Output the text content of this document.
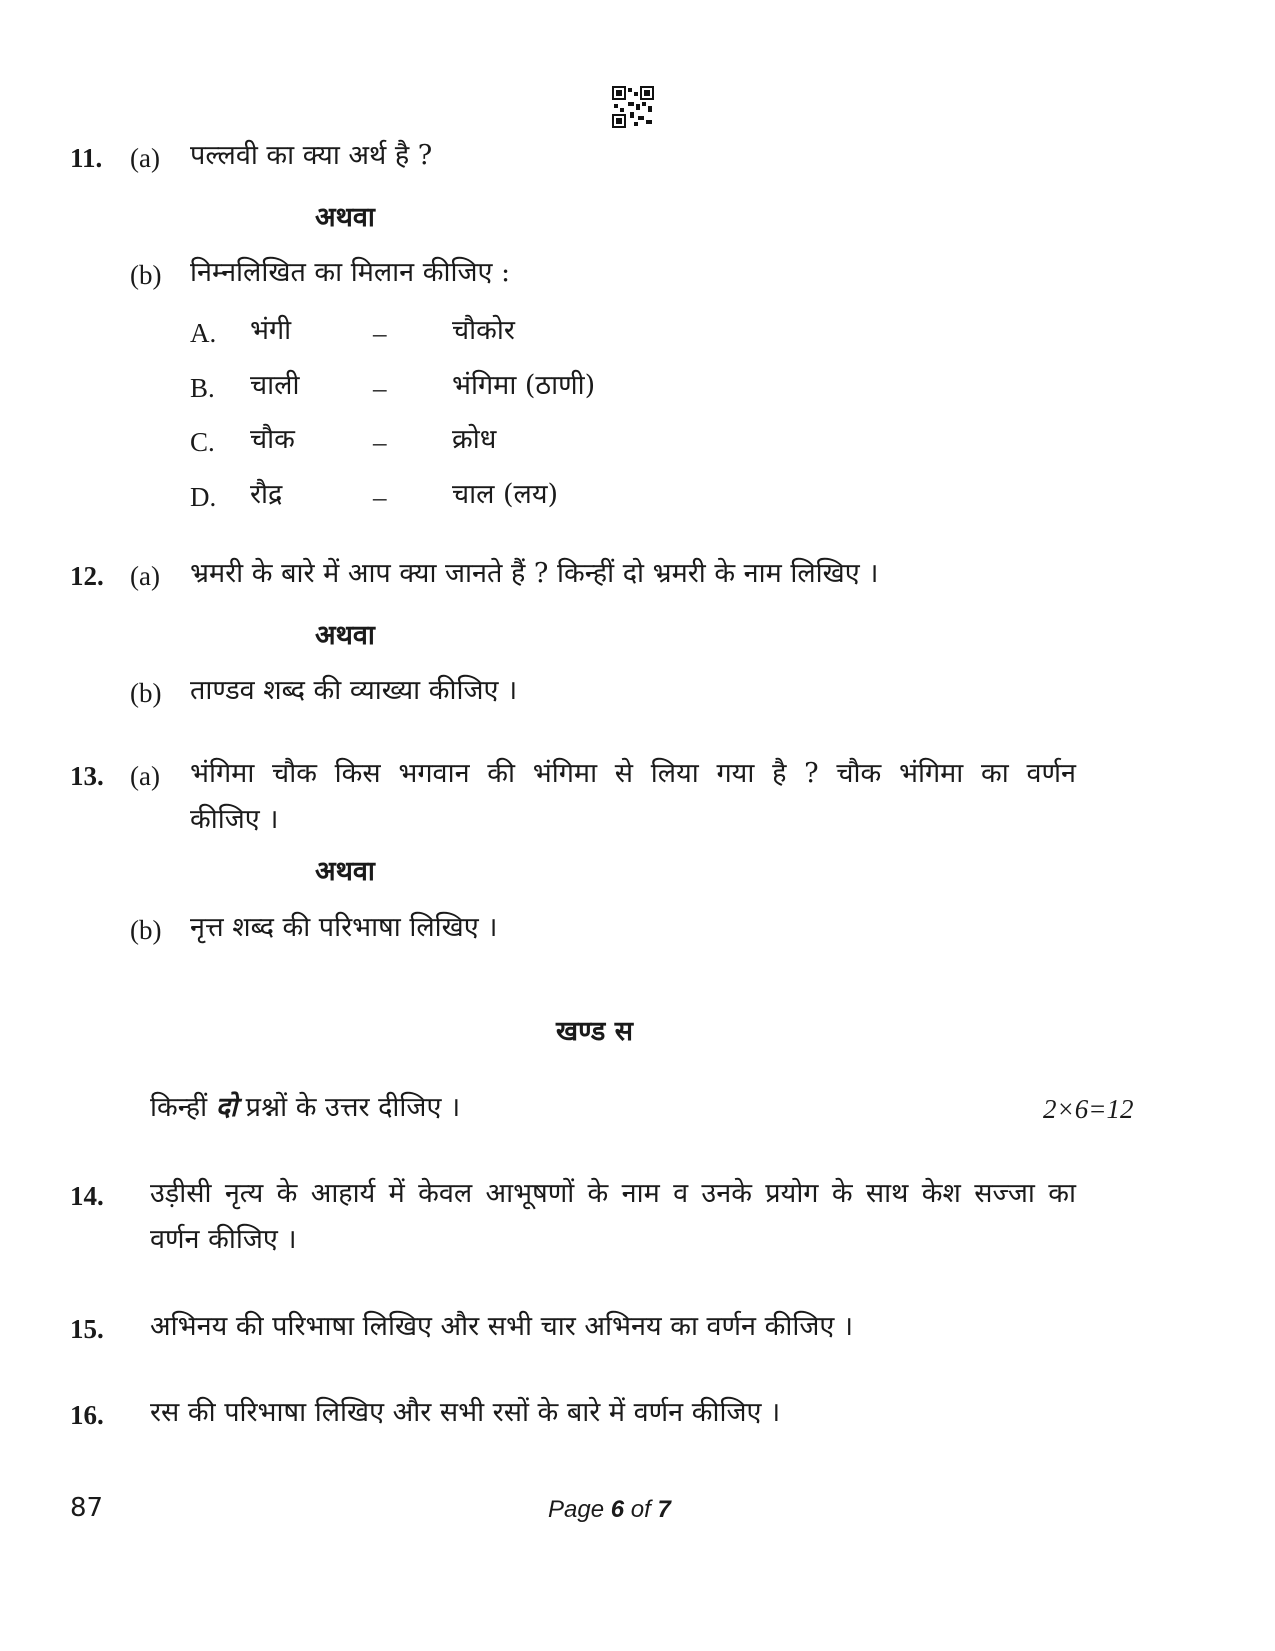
11. (a) पल्लवी का क्या अर्थ है ?
अथवा
(b) निम्नलिखित का मिलान कीजिए :
A. भंगी	– चौकोर
B. चाली	– भंगिमा (ठाणी)
C. चौक	– क्रोध
D. रौद्र	– चाल (लय)
12. (a) भ्रमरी के बारे में आप क्या जानते हैं ? किन्हीं दो भ्रमरी के नाम लिखिए ।
अथवा
(b) ताण्डव शब्द की व्याख्या कीजिए ।
13. (a) भंगिमा चौक किस भगवान की भंगिमा से लिया गया है ? चौक भंगिमा का वर्णन
कीजिए ।
अथवा
(b) नृत्त शब्द की परिभाषा लिखिए ।
खण्ड स
किन्हीं दो प्रश्नों के उत्तर दीजिए ।	2×6=12
14. उड़ीसी नृत्य के आहार्य में केवल आभूषणों के नाम व उनके प्रयोग के साथ केश सज्जा का
वर्णन कीजिए ।
15. अभिनय की परिभाषा लिखिए और सभी चार अभिनय का वर्णन कीजिए ।
16. रस की परिभाषा लिखिए और सभी रसों के बारे में वर्णन कीजिए ।
87	Page 6 of 7
